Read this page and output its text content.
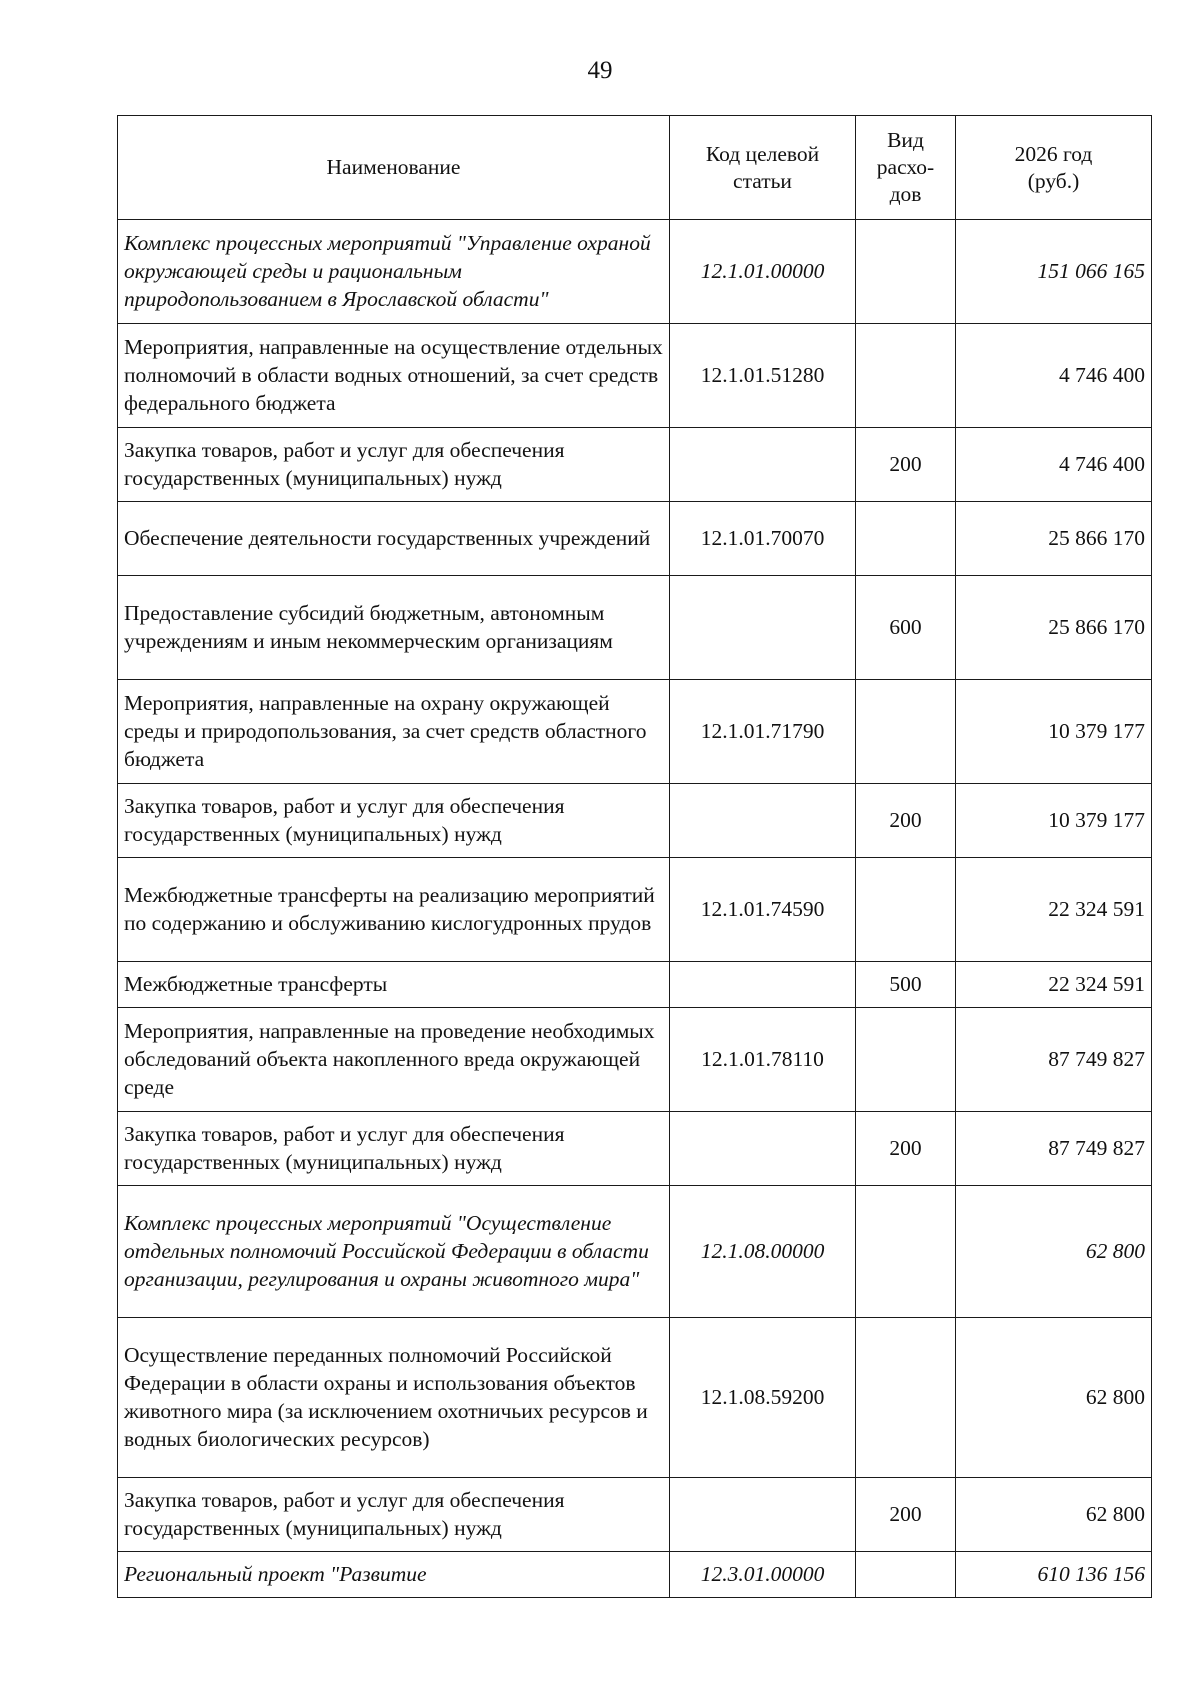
49
Наименование	Код целевой статьи	Вид расхо-дов	2026 год (руб.)
Комплекс процессных мероприятий "Управление охраной окружающей среды и рациональным природопользованием в Ярославской области"	12.1.01.00000		151 066 165
Мероприятия, направленные на осуществление отдельных полномочий в области водных отношений, за счет средств федерального бюджета	12.1.01.51280		4 746 400
Закупка товаров, работ и услуг для обеспечения государственных (муниципальных) нужд		200	4 746 400
Обеспечение деятельности государственных учреждений	12.1.01.70070		25 866 170
Предоставление субсидий бюджетным, автономным учреждениям и иным некоммерческим организациям		600	25 866 170
Мероприятия, направленные на охрану окружающей среды и природопользования, за счет средств областного бюджета	12.1.01.71790		10 379 177
Закупка товаров, работ и услуг для обеспечения государственных (муниципальных) нужд		200	10 379 177
Межбюджетные трансферты на реализацию мероприятий по содержанию и обслуживанию кислогудронных прудов	12.1.01.74590		22 324 591
Межбюджетные трансферты		500	22 324 591
Мероприятия, направленные на проведение необходимых обследований объекта накопленного вреда окружающей среде	12.1.01.78110		87 749 827
Закупка товаров, работ и услуг для обеспечения государственных (муниципальных) нужд		200	87 749 827
Комплекс процессных мероприятий "Осуществление отдельных полномочий Российской Федерации в области организации, регулирования и охраны животного мира"	12.1.08.00000		62 800
Осуществление переданных полномочий Российской Федерации в области охраны и использования объектов животного мира (за исключением охотничьих ресурсов и водных биологических ресурсов)	12.1.08.59200		62 800
Закупка товаров, работ и услуг для обеспечения государственных (муниципальных) нужд		200	62 800
Региональный проект "Развитие	12.3.01.00000		610 136 156
